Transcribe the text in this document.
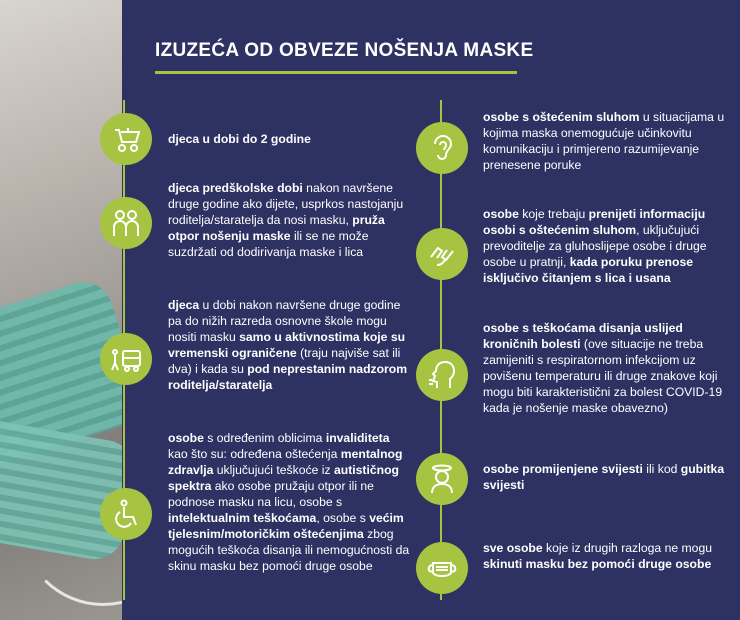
IZUZEĆA OD OBVEZE NOŠENJA MASKE
djeca u dobi do 2 godine
djeca predškolske dobi nakon navršene druge godine ako dijete, usprkos nastojanju roditelja/staratelja da nosi masku, pruža otpor nošenju maske ili se ne može suzdržati od dodirivanja maske i lica
djeca u dobi nakon navršene druge godine pa do nižih razreda osnovne škole mogu nositi masku samo u aktivnostima koje su vremenski ograničene (traju najviše sat ili dva) i kada su pod neprestanim nadzorom roditelja/staratelja
osobe s određenim oblicima invaliditeta kao što su: određena oštećenja mentalnog zdravlja uključujući teškoće iz autističnog spektra ako osobe pružaju otpor ili ne podnose masku na licu, osobe s intelektualnim teškoćama, osobe s većim tjelesnim/motoričkim oštećenjima zbog mogućih teškoća disanja ili nemogućnosti da skinu masku bez pomoći druge osobe
osobe s oštećenim sluhom u situacijama u kojima maska onemogućuje učinkovitu komunikaciju i primjereno razumijevanje prenesene poruke
osobe koje trebaju prenijeti informaciju osobi s oštećenim sluhom, uključujući prevoditelje za gluhoslijepe osobe i druge osobe u pratnji, kada poruku prenose isključivo čitanjem s lica i usana
osobe s teškoćama disanja uslijed kroničnih bolesti (ove situacije ne treba zamijeniti s respiratornom infekcijom uz povišenu temperaturu ili druge znakove koji mogu biti karakteristični za bolest COVID-19 kada je nošenje maske obavezno)
osobe promijenjene svijesti ili kod gubitka svijesti
sve osobe koje iz drugih razloga ne mogu skinuti masku bez pomoći druge osobe
